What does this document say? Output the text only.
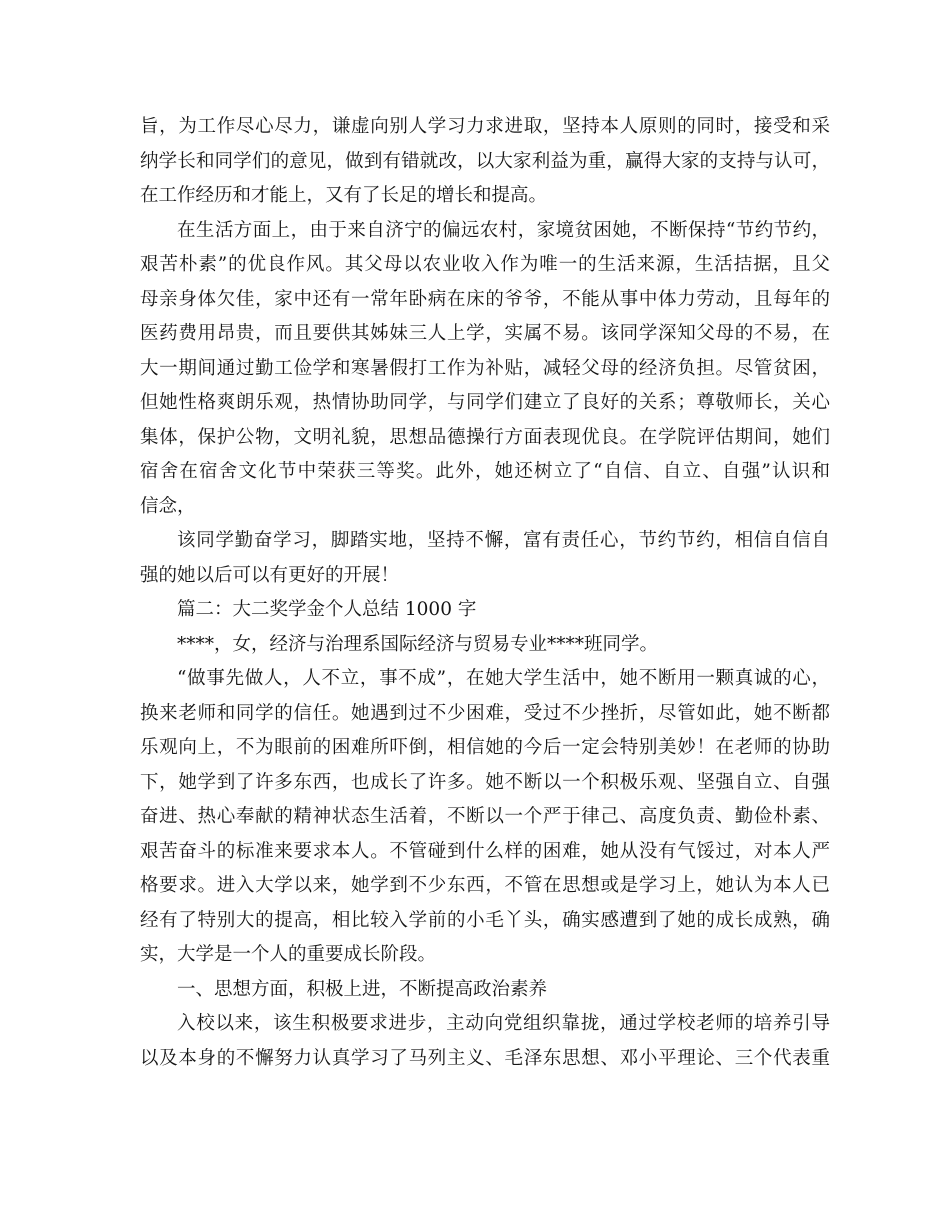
旨，为工作尽心尽力，谦虚向别人学习力求进取，坚持本人原则的同时，接受和采
纳学长和同学们的意见，做到有错就改，以大家利益为重，赢得大家的支持与认可，
在工作经历和才能上，又有了长足的增长和提高。
在生活方面上，由于来自济宁的偏远农村，家境贫困她，不断保持“节约节约，
艰苦朴素”的优良作风。其父母以农业收入作为唯一的生活来源，生活拮据，且父
母亲身体欠佳，家中还有一常年卧病在床的爷爷，不能从事中体力劳动，且每年的
医药费用昂贵，而且要供其姊妹三人上学，实属不易。该同学深知父母的不易，在
大一期间通过勤工俭学和寒暑假打工作为补贴，减轻父母的经济负担。尽管贫困，
但她性格爽朗乐观，热情协助同学，与同学们建立了良好的关系；尊敬师长，关心
集体，保护公物，文明礼貌，思想品德操行方面表现优良。在学院评估期间，她们
宿舍在宿舍文化节中荣获三等奖。此外，她还树立了“自信、自立、自强”认识和
信念，
该同学勤奋学习，脚踏实地，坚持不懈，富有责任心，节约节约，相信自信自
强的她以后可以有更好的开展！
篇二：大二奖学金个人总结 1000 字
****，女，经济与治理系国际经济与贸易专业****班同学。
“做事先做人，人不立，事不成”，在她大学生活中，她不断用一颗真诚的心，
换来老师和同学的信任。她遇到过不少困难，受过不少挫折，尽管如此，她不断都
乐观向上，不为眼前的困难所吓倒，相信她的今后一定会特别美妙！在老师的协助
下，她学到了许多东西，也成长了许多。她不断以一个积极乐观、坚强自立、自强
奋进、热心奉献的精神状态生活着，不断以一个严于律己、高度负责、勤俭朴素、
艰苦奋斗的标准来要求本人。不管碰到什么样的困难，她从没有气馁过，对本人严
格要求。进入大学以来，她学到不少东西，不管在思想或是学习上，她认为本人已
经有了特别大的提高，相比较入学前的小毛丫头，确实感遭到了她的成长成熟，确
实，大学是一个人的重要成长阶段。
一、思想方面，积极上进，不断提高政治素养
入校以来，该生积极要求进步，主动向党组织靠拢，通过学校老师的培养引导
以及本身的不懈努力认真学习了马列主义、毛泽东思想、邓小平理论、三个代表重
